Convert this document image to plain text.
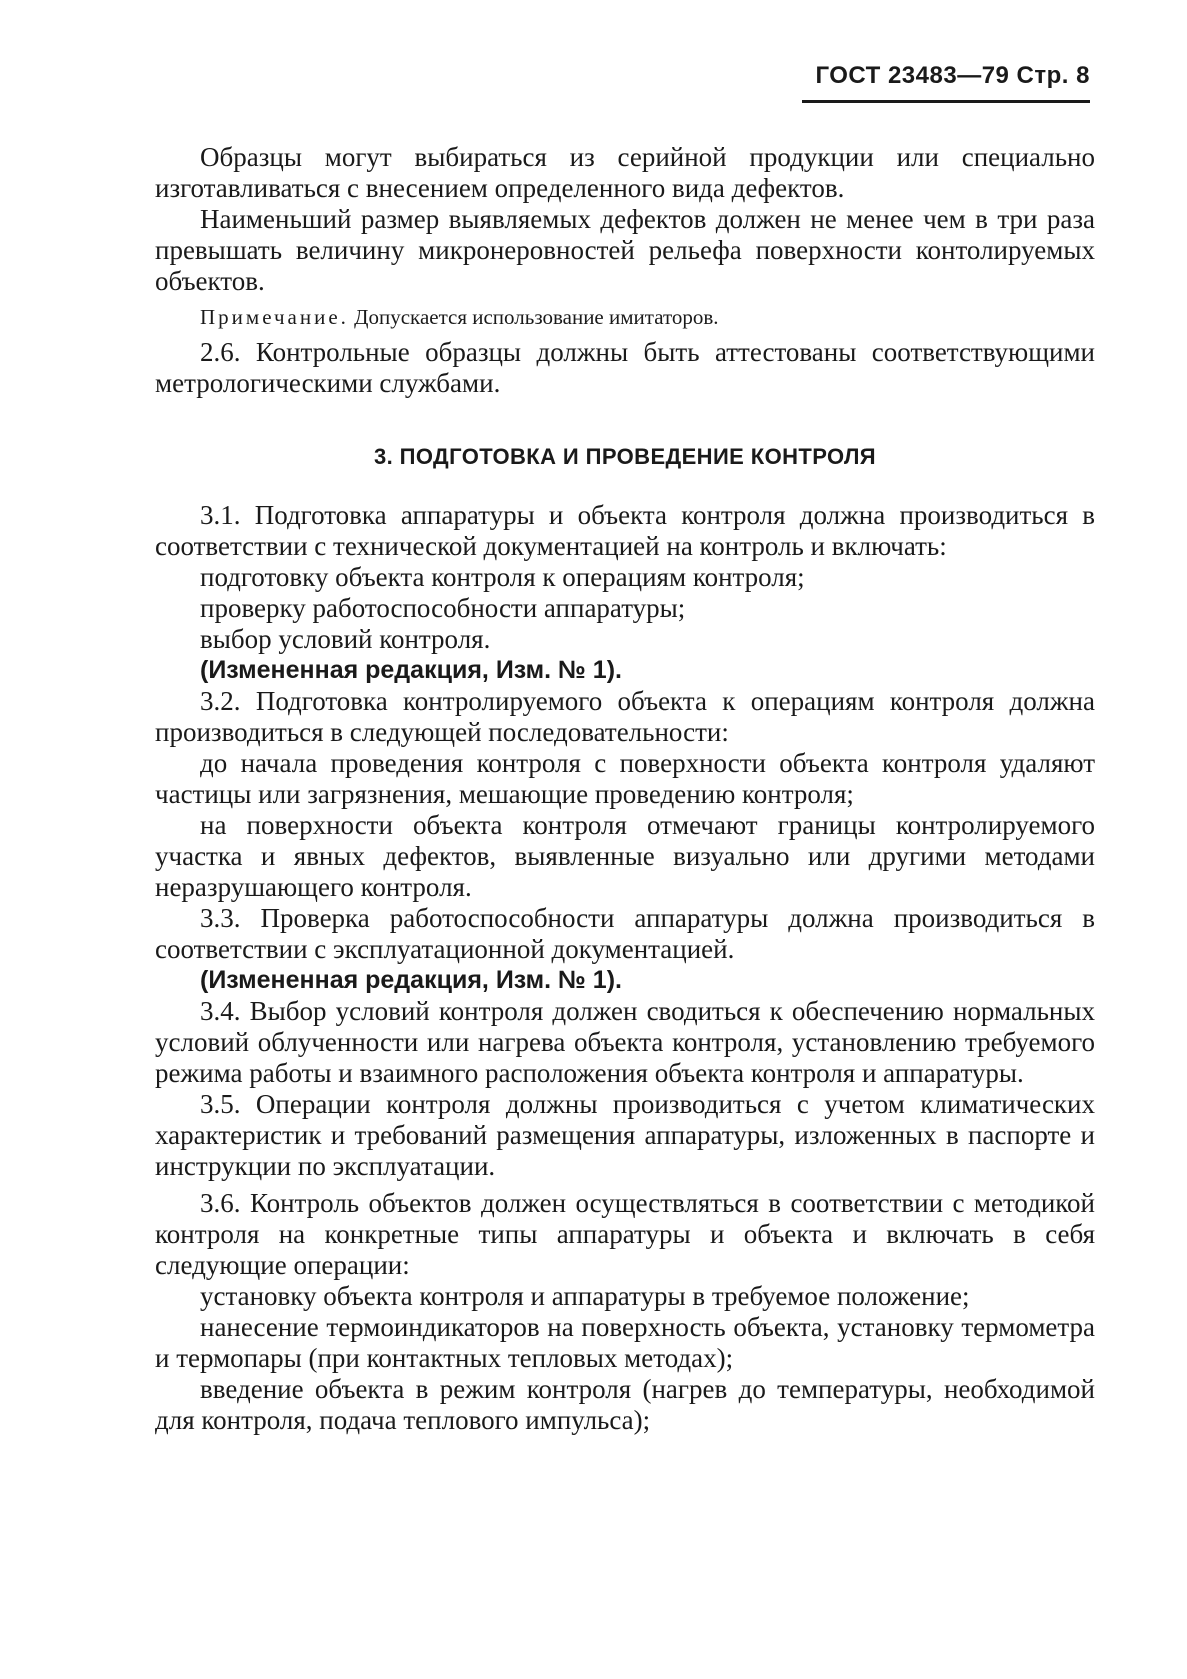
ГОСТ 23483—79 Стр. 8

Образцы могут выбираться из серийной продукции или специально изготавливаться с внесением определенного вида дефектов.

Наименьший размер выявляемых дефектов должен не менее чем в три раза превышать величину микронеровностей рельефа поверхности контолируемых объектов.

Примечание. Допускается использование имитаторов.

2.6. Контрольные образцы должны быть аттестованы соответствующими метрологическими службами.

3. ПОДГОТОВКА И ПРОВЕДЕНИЕ КОНТРОЛЯ

3.1. Подготовка аппаратуры и объекта контроля должна производиться в соответствии с технической документацией на контроль и включать:

подготовку объекта контроля к операциям контроля;

проверку работоспособности аппаратуры;

выбор условий контроля.

(Измененная редакция, Изм. № 1).

3.2. Подготовка контролируемого объекта к операциям контроля должна производиться в следующей последовательности:

до начала проведения контроля с поверхности объекта контроля удаляют частицы или загрязнения, мешающие проведению контроля;

на поверхности объекта контроля отмечают границы контролируемого участка и явных дефектов, выявленные визуально или другими методами неразрушающего контроля.

3.3. Проверка работоспособности аппаратуры должна производиться в соответствии с эксплуатационной документацией.

(Измененная редакция, Изм. № 1).

3.4. Выбор условий контроля должен сводиться к обеспечению нормальных условий облученности или нагрева объекта контроля, установлению требуемого режима работы и взаимного расположения объекта контроля и аппаратуры.

3.5. Операции контроля должны производиться с учетом климатических характеристик и требований размещения аппаратуры, изложенных в паспорте и инструкции по эксплуатации.

3.6. Контроль объектов должен осуществляться в соответствии с методикой контроля на конкретные типы аппаратуры и объекта и включать в себя следующие операции:

установку объекта контроля и аппаратуры в требуемое положение;

нанесение термоиндикаторов на поверхность объекта, установку термометра и термопары (при контактных тепловых методах);

введение объекта в режим контроля (нагрев до температуры, необходимой для контроля, подача теплового импульса);
